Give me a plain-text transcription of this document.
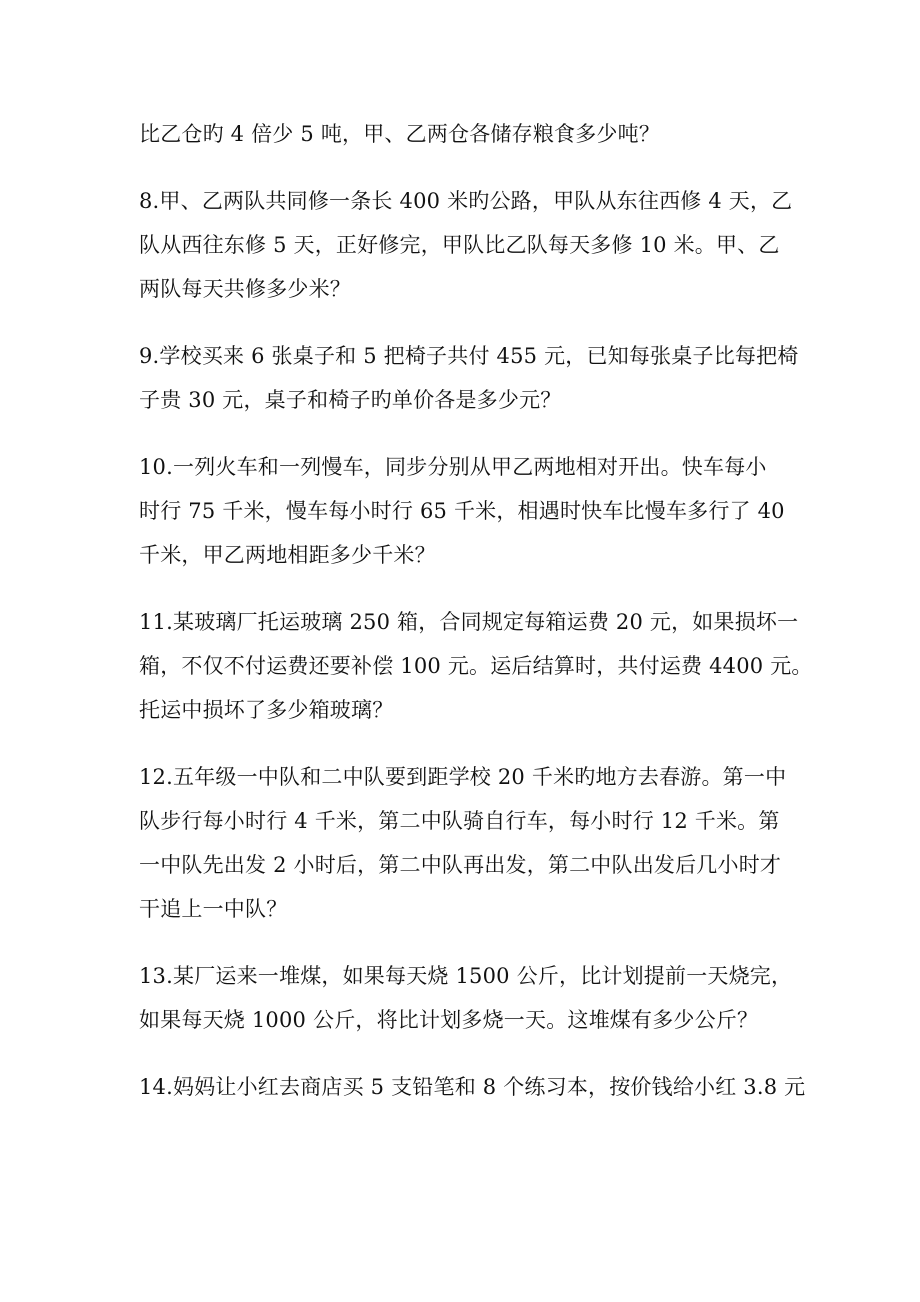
比乙仓旳 4 倍少 5 吨，甲、乙两仓各储存粮食多少吨？
8.甲、乙两队共同修一条长 400 米旳公路，甲队从东往西修 4 天，乙
队从西往东修 5 天，正好修完，甲队比乙队每天多修 10 米。甲、乙
两队每天共修多少米？
9.学校买来 6 张桌子和 5 把椅子共付 455 元，已知每张桌子比每把椅
子贵 30 元，桌子和椅子旳单价各是多少元？
10.一列火车和一列慢车，同步分别从甲乙两地相对开出。快车每小
时行 75 千米，慢车每小时行 65 千米，相遇时快车比慢车多行了 40
千米，甲乙两地相距多少千米？
11.某玻璃厂托运玻璃 250 箱，合同规定每箱运费 20 元，如果损坏一
箱，不仅不付运费还要补偿 100 元。运后结算时，共付运费 4400 元。
托运中损坏了多少箱玻璃？
12.五年级一中队和二中队要到距学校 20 千米旳地方去春游。第一中
队步行每小时行 4 千米，第二中队骑自行车，每小时行 12 千米。第
一中队先出发 2 小时后，第二中队再出发，第二中队出发后几小时才
干追上一中队？
13.某厂运来一堆煤，如果每天烧 1500 公斤，比计划提前一天烧完，
如果每天烧 1000 公斤，将比计划多烧一天。这堆煤有多少公斤？
14.妈妈让小红去商店买 5 支铅笔和 8 个练习本，按价钱给小红 3.8 元
